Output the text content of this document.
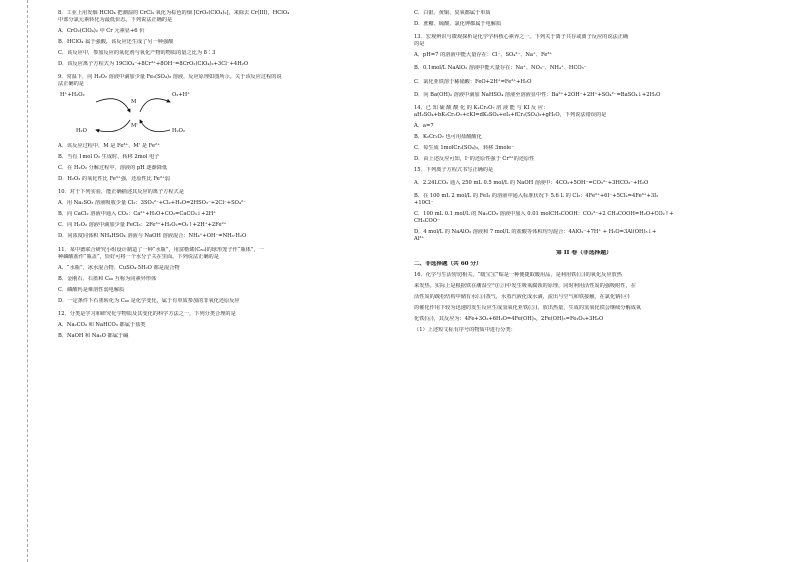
8．工业上用发烟 HClO₄ 把潮湿的 CrCl₃ 氧化为棕色的烟 [CrO₂(ClO₄)₂]，来除去 Cr(III)，HClO₄
中部分氯元素转化为最低价态。下列说法正确的是
A．CrO₂(ClO₄)₂ 中 Cr 元素显+6 价
B．HClO₄ 属于强酸，该反应还生成了另一种强酸
C．该反应中，参加反应的氧化剂与氧化产物的物质的量之比为 8∶3
D．该反应离子方程式为 19ClO₄⁻+8Cr³⁺+8OH⁻=8CrO₂(ClO₄)₂+3Cl⁻+4H₂O
9．常温下，向 H₂O₂ 溶液中滴加少量 Fe₂(SO₄)₃ 溶液，反应原理如图所示。关于该反应过程的说
法正确的是
H⁺+H₂O₂	O₂+H⁺
H₂O	H₂O₂
M
M'
A．该反应过程中，M 是 Fe³⁺，M' 是 Fe²⁺
B．当有 1mol O₂ 生成时，转移 2mol 电子
C．在 H₂O₂ 分解过程中，溶液的 pH 逐渐降低
D．H₂O₂ 的氧化性比 Fe³⁺强，还原性比 Fe²⁺弱
10．对于下列实验，能正确描述其反应的离子方程式是
A．用 Na₂SO₃ 溶液吸收少量 Cl₂：3SO₃²⁻+Cl₂+H₂O=2HSO₃⁻+2Cl⁻+SO₄²⁻
B．向 CaCl₂ 溶液中通入 CO₂：Ca²⁺+H₂O+CO₂=CaCO₃↓+2H⁺
C．向 H₂O₂ 溶液中滴加少量 FeCl₃：2Fe³⁺+H₂O₂=O₂↑+2H⁺+2Fe²⁺
D．同浓度同体积 NH₄HSO₄ 溶液与 NaOH 溶液混合：NH₄⁺+OH⁻=NH₃·H₂O
11．某中德联合研究小组设计制造了一种“水瓶”，用富勒烯(C₆₀)的球形笼子作“瓶体”，一
种磷酸盐作“瓶盖”，恰好可将一个水分子关在里面。下列说法正确的是
A．“水瓶”、冰水混合物、CuSO₄·5H₂O 都是混合物
B．金刚石、石墨和 C₆₀ 互称为同素异形体
C．磷酸钙是难溶性弱电解质
D．一定条件下石墨转化为 C₆₀ 是化学变化，属于有单质参加的非氧化还原反应
12．分类是学习和研究化学物质及其变化的科学方法之一，下列分类合理的是
A．Na₂CO₃ 和 NaHCO₃ 都属于盐类
B．NaOH 和 Na₂O 都属于碱
C．白银、黄铜、臭氧都属于单质
D．蔗糖、硫酸、氯化钾都属于电解质
13．宏观辨识与微观探析是化学学科核心素养之一。下列关于离子共存或离子反应的说法正确
的是
A．pH=7 的溶液中能大量存在：Cl⁻、SO₄²⁻、Na⁺、Fe³⁺
B．0.1mol/L NaAlO₂ 溶液中能大量存在：Na⁺、NO₃⁻、NH₄⁺、HCO₃⁻
C．氯化亚铁溶于稀硝酸：FeO+2H⁺=Fe²⁺+H₂O
D．向 Ba(OH)₂ 溶液中滴加 NaHSO₄ 溶液至溶液显中性：Ba²⁺+2OH⁻+2H⁺+SO₄²⁻=BaSO₄↓+2H₂O
14．已 知 硫 酸 酸 化 的 K₂Cr₂O₇ 溶 液 能 与 KI 反 应：
aH₂SO₄+bK₂Cr₂O₇+cKI=dK₂SO₄+eI₂+fCr₂(SO₄)₃+gH₂O，下列说法错误的是
A．a=7
B．K₂Cr₂O₇ 也可用盐酸酸化
C．每生成 1molCr₂(SO₄)₃，转移 3mole⁻
D．由上述反应可知，I⁻的还原性强于 Cr³⁺的还原性
15．下列离子方程式书写正确的是
A．2.24LCO₂ 通入 250 mL 0.5 mol/L 的 NaOH 溶液中：4CO₂+5OH⁻=CO₃²⁻+3HCO₃⁻+H₂O
B．在 100 mL 2 mol/L 的 FeI₂ 的溶液中通入标准状况下 5.6 L 的 Cl₂：4Fe²⁺+6I⁻+5Cl₂=4Fe³⁺+3I₂
+10Cl⁻
C．100 mL 0.1 mol/L 的 Na₂CO₃ 溶液中加入 0.01 molCH₃COOH：CO₃²⁻+2 CH₃COOH=H₂O+CO₂↑+
CH₃COO⁻
D．4 mol/L 的 NaAlO₂ 溶液和 7 mol/L 的盐酸等体积均匀混合：4AlO₂⁻+7H⁺ + H₂O=3Al(OH)₃↓+
Al³⁺
第 II 卷（非选择题）
二、非选择题（共 60 分）
16．化学与生活密切相关。“暖宝宝”贴是一种便捷取暖用品，是利用铁(①)的氧化反应放热
来发热。实际上是根据铁在潮湿空气(②)中发生吸氧腐蚀的原理，同时利用活性炭的强吸附性，在
活性炭的疏松结构中储有水(③)蒸气，水蒸汽液化成水滴，流出与空气和铁接触，在氯化钠(④)
的催化作用下较为迅速的发生反应生成氢氧化亚铁(⑤)，放出热量，生成的氢氧化铁会继续分解成氧
化铁(⑥)，其反应为：4Fe+3O₂+6H₂O=4Fe(OH)₃，2Fe(OH)₃=Fe₂O₃+3H₂O
（1）上述短文标有序号的物质中进行分类：
